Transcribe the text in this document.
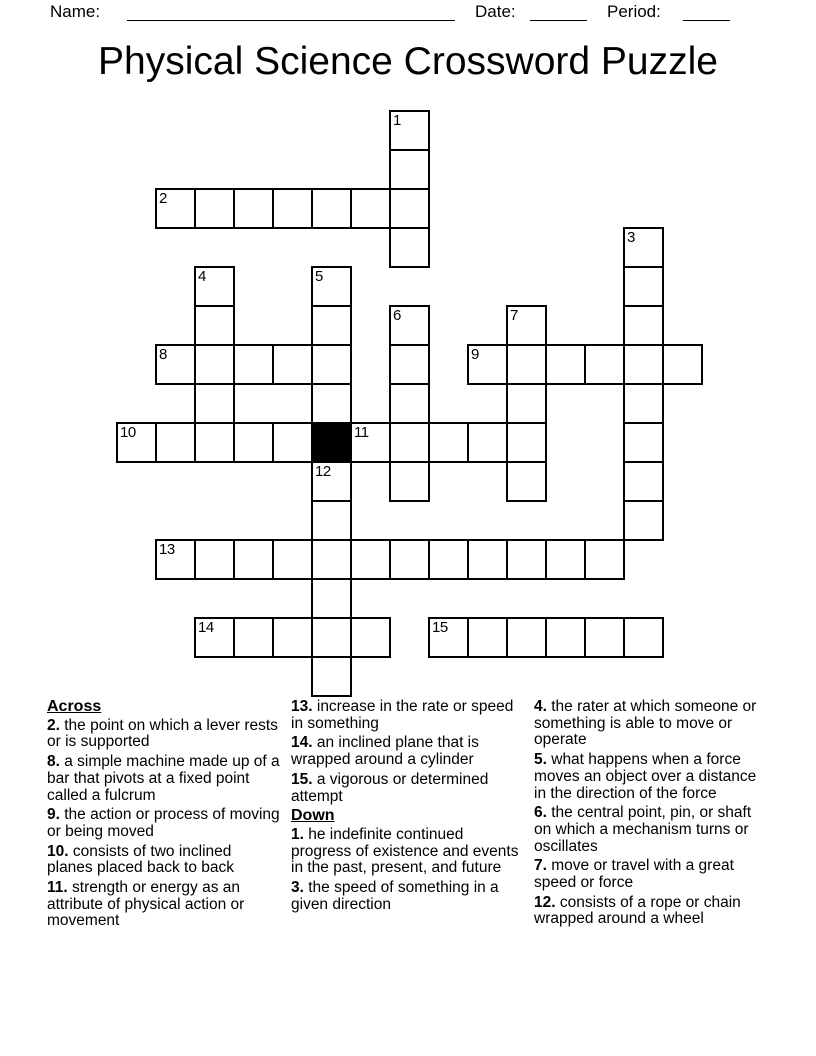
Name:	Date:	Period:
Physical Science Crossword Puzzle
1
2
3
4	5
6	7
8	9
10	11
12
13
14	15

Across

2. the point on which a lever rests or is supported

8. a simple machine made up of a bar that pivots at a fixed point called a fulcrum

9. the action or process of moving or being moved

10. consists of two inclined planes placed back to back

11. strength or energy as an attribute of physical action or movement

13. increase in the rate or speed in something

14. an inclined plane that is wrapped around a cylinder

15. a vigorous or determined attempt

Down

1. he indefinite continued progress of existence and events in the past, present, and future

3. the speed of something in a given direction

4. the rater at which someone or something is able to move or operate

5. what happens when a force moves an object over a distance in the direction of the force

6. the central point, pin, or shaft on which a mechanism turns or oscillates

7. move or travel with a great speed or force

12. consists of a rope or chain wrapped around a wheel
